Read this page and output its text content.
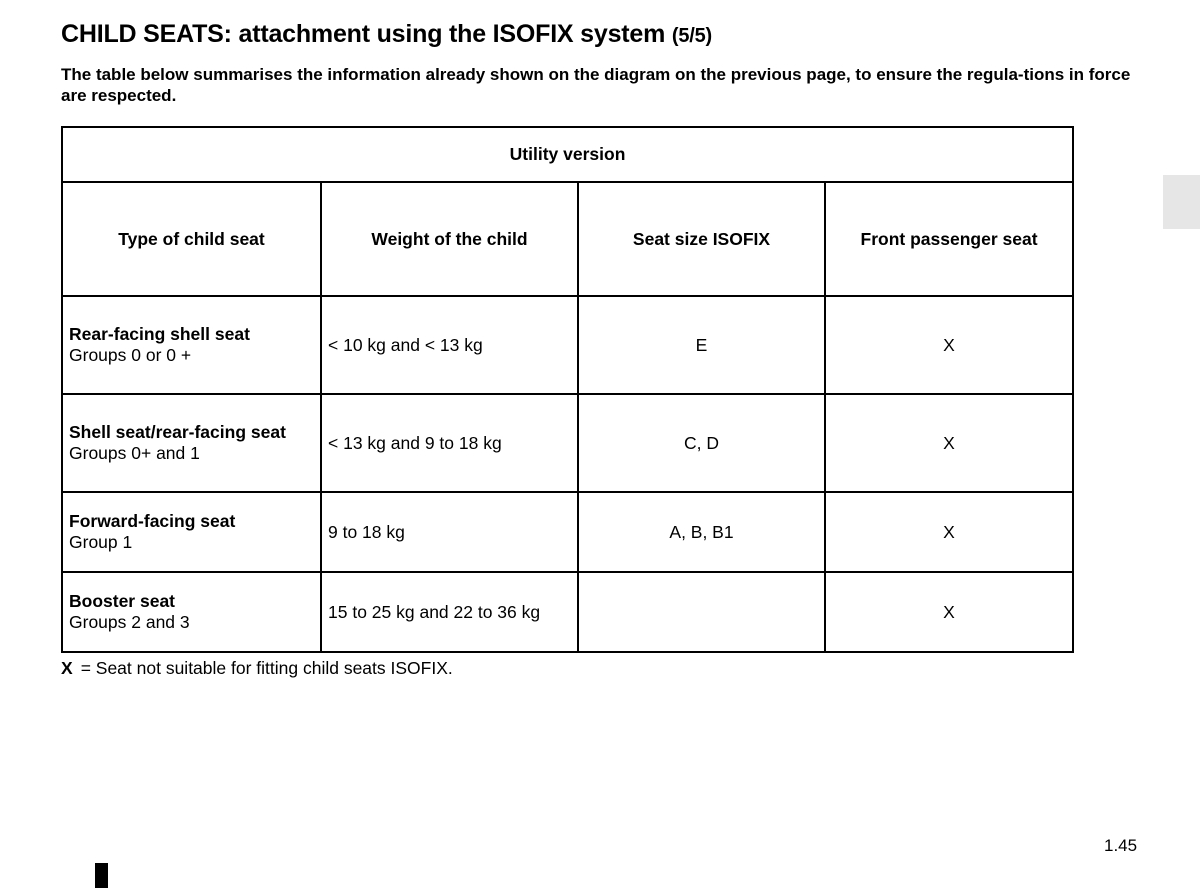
CHILD SEATS: attachment using the ISOFIX system (5/5)
The table below summarises the information already shown on the diagram on the previous page, to ensure the regula-tions in force are respected.
Utility version			
Type of child seat	Weight of the child	Seat size ISOFIX	Front passenger seat

Rear-facing shell seat
Groups 0 or 0 +	< 10 kg and < 13 kg	E	X

Shell seat/rear-facing seat
Groups 0+ and 1	< 13 kg and 9 to 18 kg	C, D	X

Forward-facing seat
Group 1	9 to 18 kg	A, B, B1	X

Booster seat
Groups 2 and 3	15 to 25 kg and 22 to 36 kg		X
X = Seat not suitable for fitting child seats ISOFIX.
1.45
